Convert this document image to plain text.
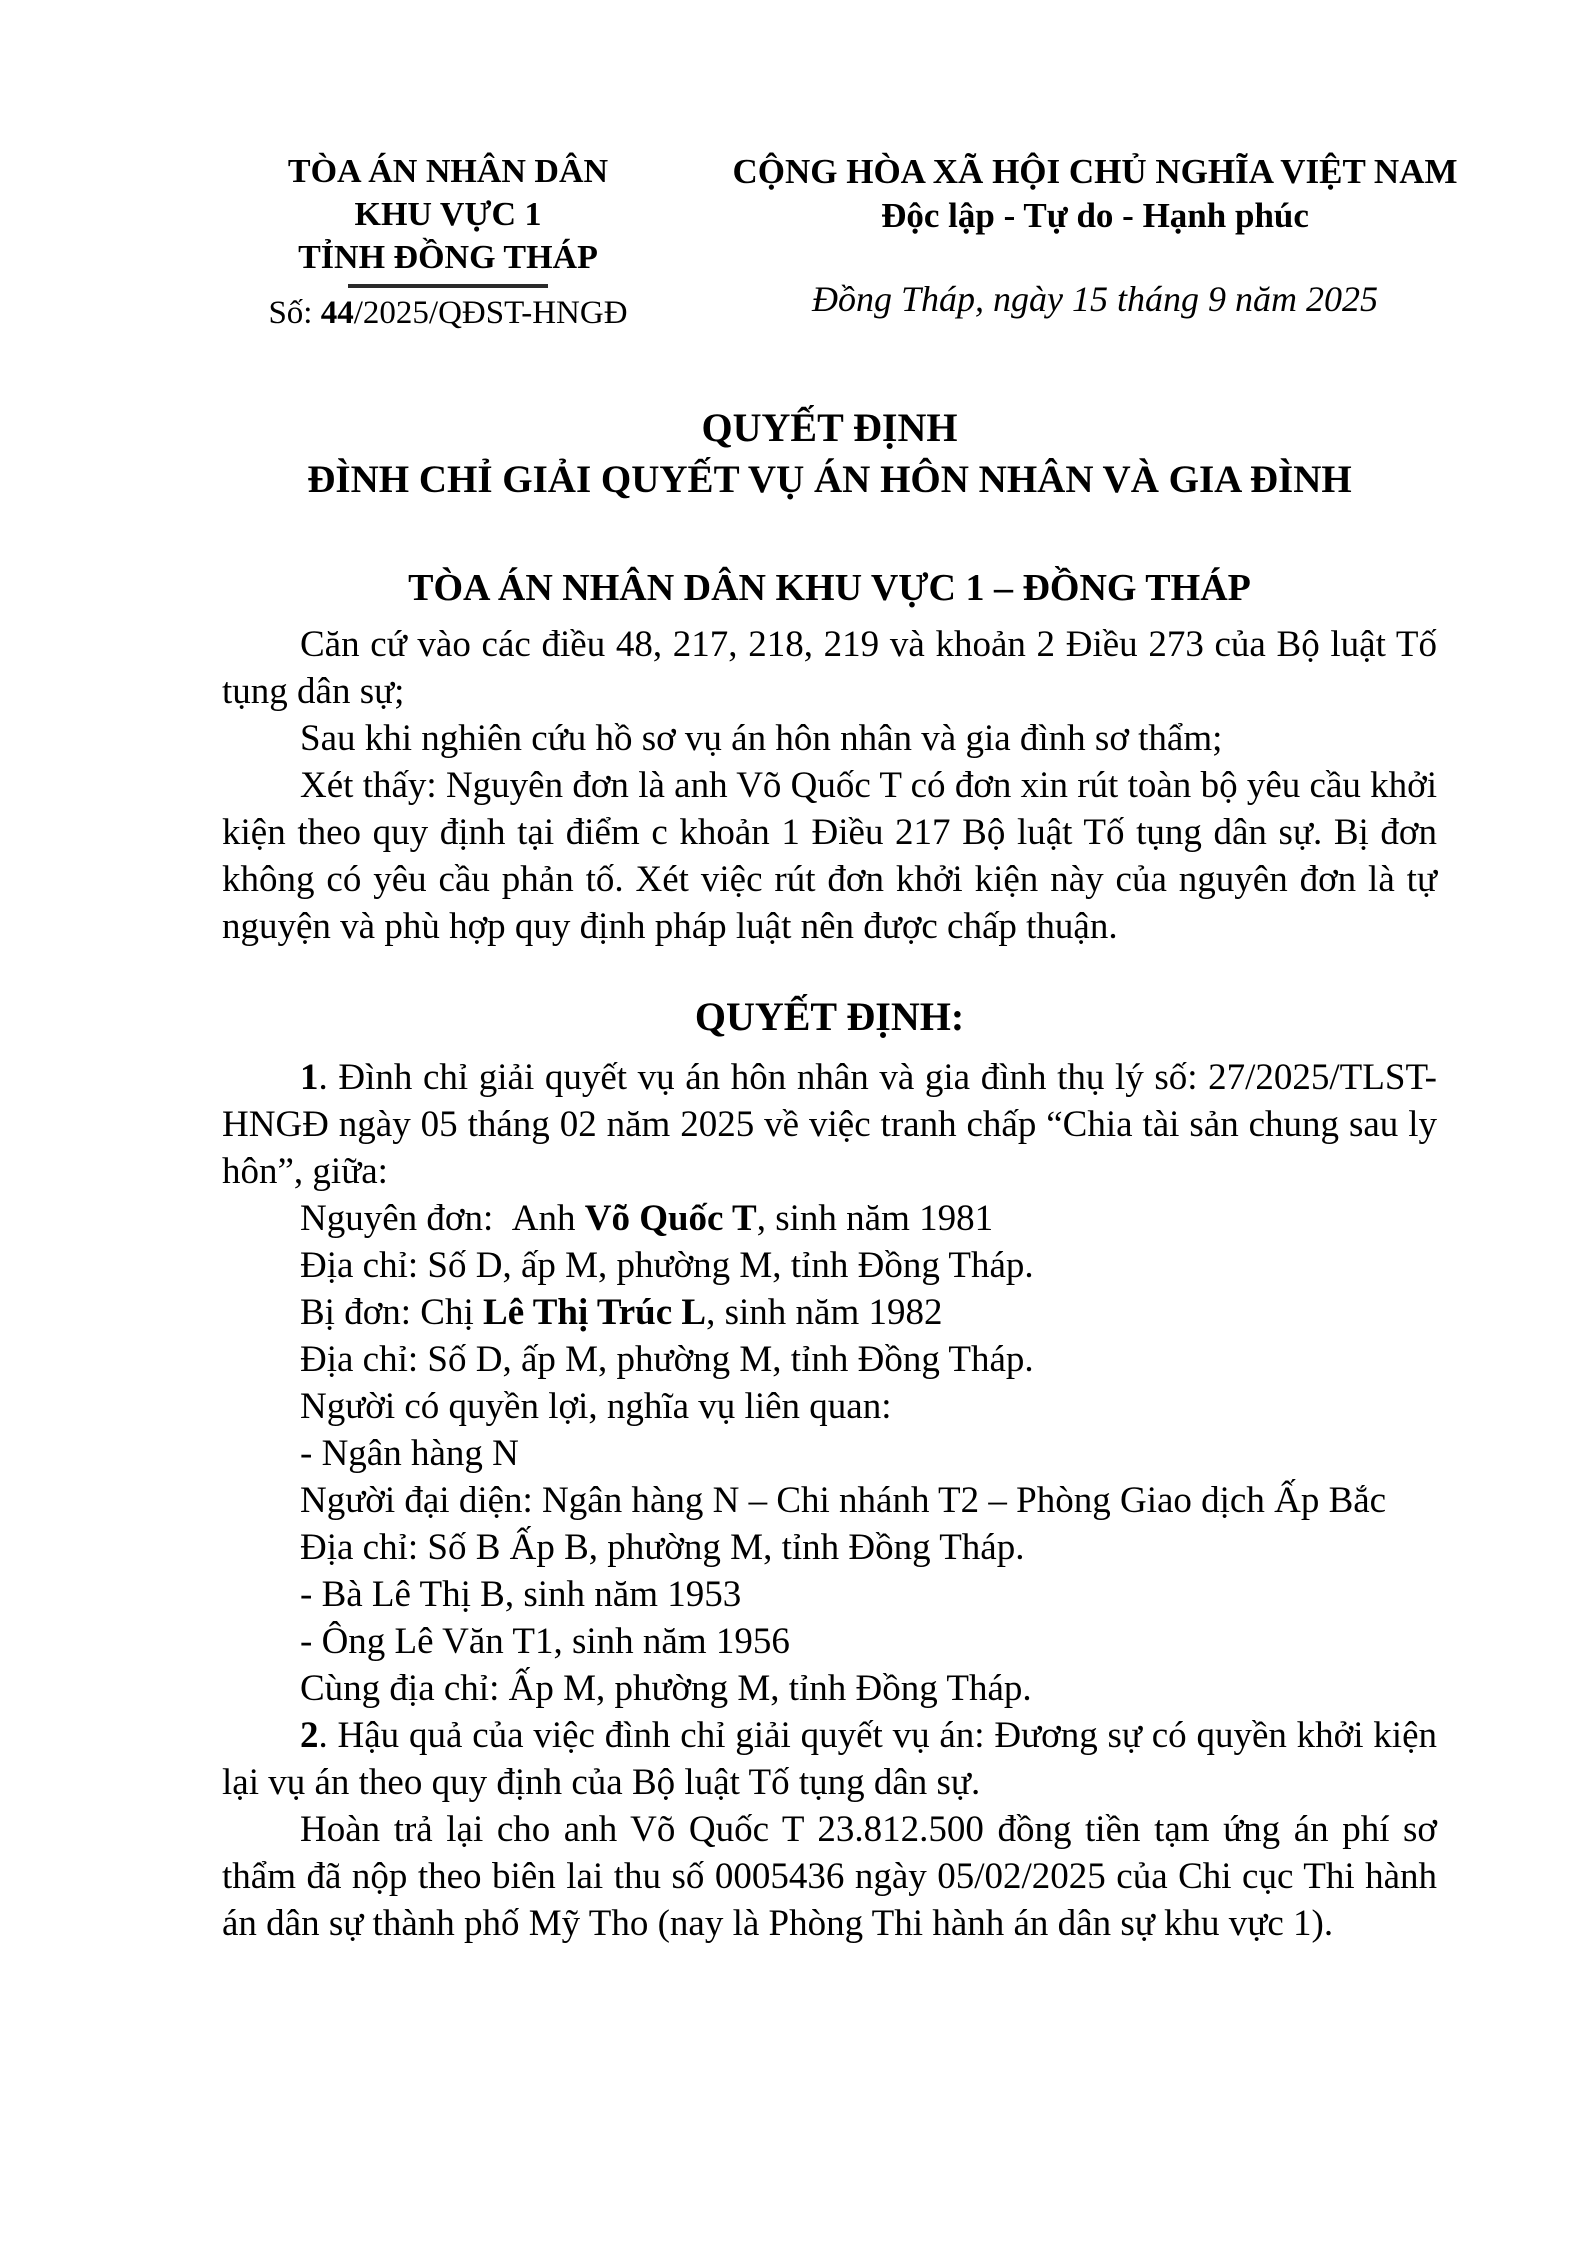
TÒA ÁN NHÂN DÂN
KHU VỰC 1
TỈNH ĐỒNG THÁP
Số: 44/2025/QĐST-HNGĐ
CỘNG HÒA XÃ HỘI CHỦ NGHĨA VIỆT NAM
Độc lập - Tự do - Hạnh phúc
Đồng Tháp, ngày 15 tháng 9 năm 2025
QUYẾT ĐỊNH
ĐÌNH CHỈ GIẢI QUYẾT VỤ ÁN HÔN NHÂN VÀ GIA ĐÌNH
TÒA ÁN NHÂN DÂN KHU VỰC 1 – ĐỒNG THÁP

Căn cứ vào các điều 48, 217, 218, 219 và khoản 2 Điều 273 của Bộ luật Tố tụng dân sự;

Sau khi nghiên cứu hồ sơ vụ án hôn nhân và gia đình sơ thẩm;

Xét thấy: Nguyên đơn là anh Võ Quốc T có đơn xin rút toàn bộ yêu cầu khởi kiện theo quy định tại điểm c khoản 1 Điều 217 Bộ luật Tố tụng dân sự. Bị đơn không có yêu cầu phản tố. Xét việc rút đơn khởi kiện này của nguyên đơn là tự nguyện và phù hợp quy định pháp luật nên được chấp thuận.

QUYẾT ĐỊNH:

1. Đình chỉ giải quyết vụ án hôn nhân và gia đình thụ lý số: 27/2025/TLST-HNGĐ ngày 05 tháng 02 năm 2025 về việc tranh chấp “Chia tài sản chung sau ly hôn”, giữa:

Nguyên đơn:  Anh Võ Quốc T, sinh năm 1981

Địa chỉ: Số D, ấp M, phường M, tỉnh Đồng Tháp.

Bị đơn: Chị Lê Thị Trúc L, sinh năm 1982

Địa chỉ: Số D, ấp M, phường M, tỉnh Đồng Tháp.

Người có quyền lợi, nghĩa vụ liên quan:

- Ngân hàng N

Người đại diện: Ngân hàng N – Chi nhánh T2 – Phòng Giao dịch Ấp Bắc

Địa chỉ: Số B Ấp B, phường M, tỉnh Đồng Tháp.

- Bà Lê Thị B, sinh năm 1953

- Ông Lê Văn T1, sinh năm 1956

Cùng địa chỉ: Ấp M, phường M, tỉnh Đồng Tháp.

2. Hậu quả của việc đình chỉ giải quyết vụ án: Đương sự có quyền khởi kiện lại vụ án theo quy định của Bộ luật Tố tụng dân sự.

Hoàn trả lại cho anh Võ Quốc T 23.812.500 đồng tiền tạm ứng án phí sơ thẩm đã nộp theo biên lai thu số 0005436 ngày 05/02/2025 của Chi cục Thi hành án dân sự thành phố Mỹ Tho (nay là Phòng Thi hành án dân sự khu vực 1).
